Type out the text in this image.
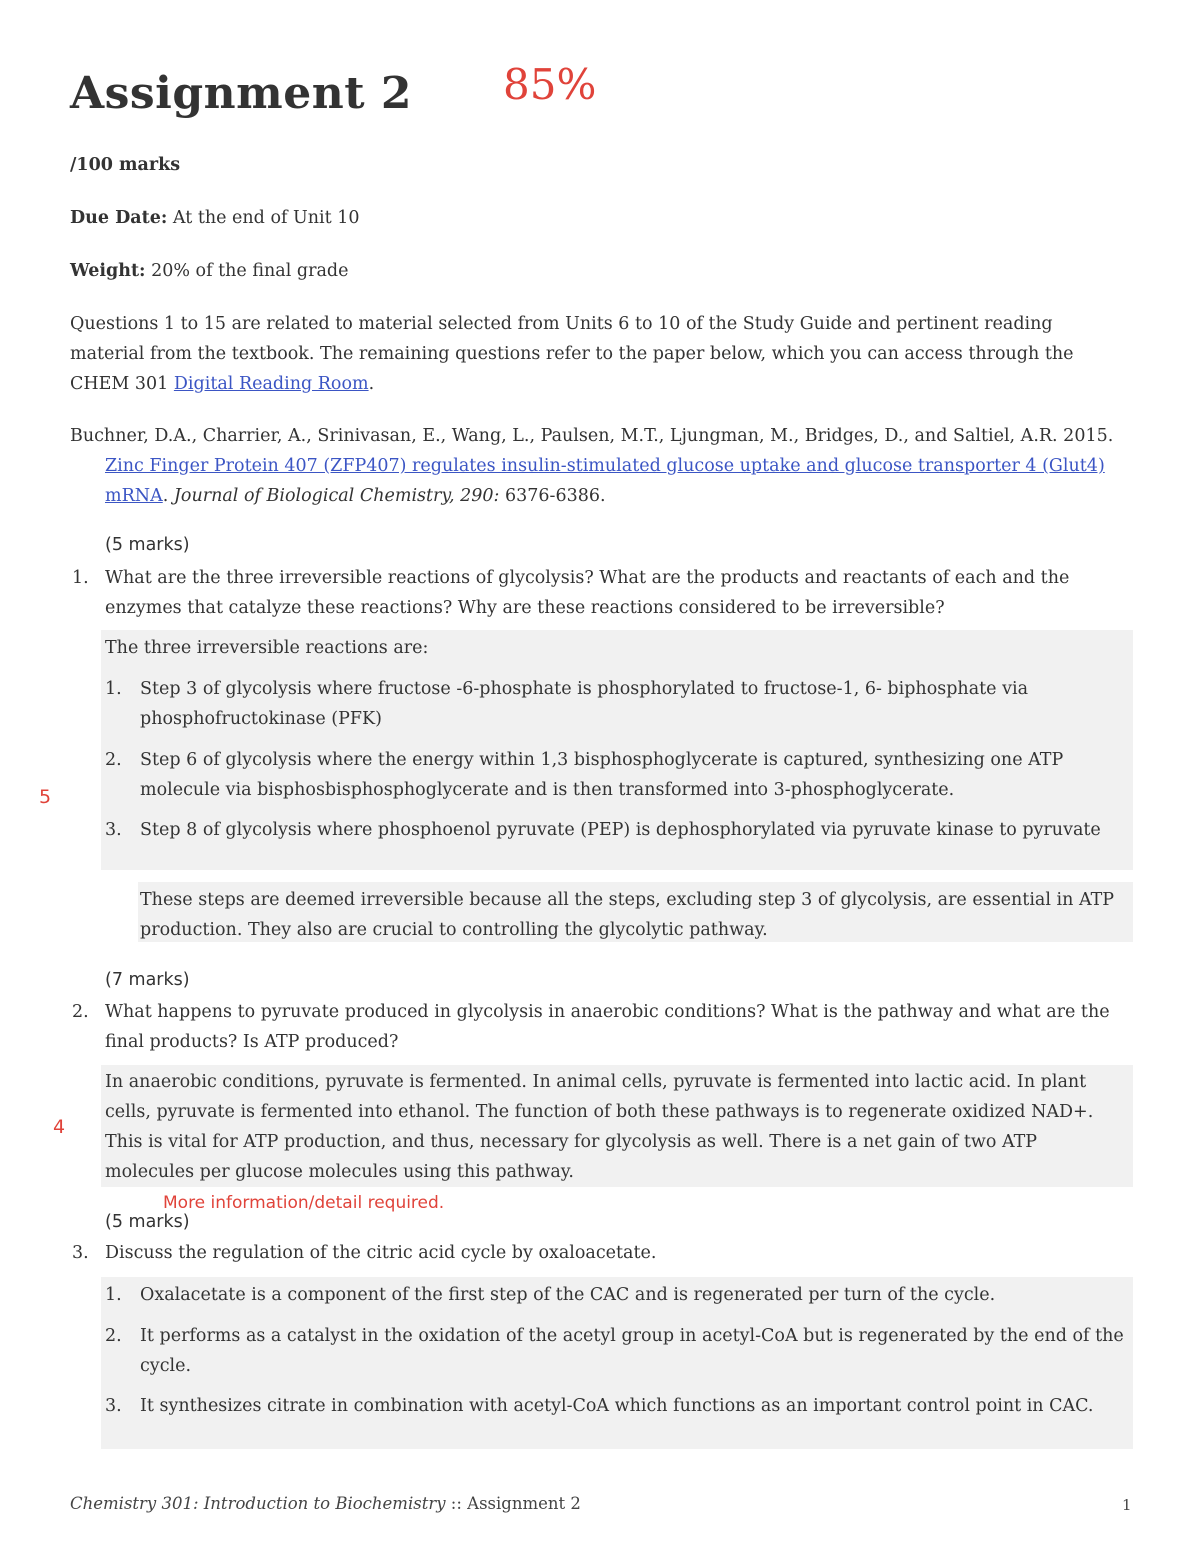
Assignment 2 85%
/100 marks
Due Date: At the end of Unit 10
Weight: 20% of the final grade
Questions 1 to 15 are related to material selected from Units 6 to 10 of the Study Guide and pertinent reading material from the textbook. The remaining questions refer to the paper below, which you can access through the CHEM 301 Digital Reading Room.
Buchner, D.A., Charrier, A., Srinivasan, E., Wang, L., Paulsen, M.T., Ljungman, M., Bridges, D., and Saltiel, A.R. 2015. Zinc Finger Protein 407 (ZFP407) regulates insulin-stimulated glucose uptake and glucose transporter 4 (Glut4) mRNA. Journal of Biological Chemistry, 290: 6376-6386.
(5 marks)
1. What are the three irreversible reactions of glycolysis? What are the products and reactants of each and the enzymes that catalyze these reactions? Why are these reactions considered to be irreversible?
5
The three irreversible reactions are:
1. Step 3 of glycolysis where fructose -6-phosphate is phosphorylated to fructose-1, 6- biphosphate via phosphofructokinase (PFK)
2. Step 6 of glycolysis where the energy within 1,3 bisphosphoglycerate is captured, synthesizing one ATP molecule via bisphosbisphosphoglycerate and is then transformed into 3-phosphoglycerate.
3. Step 8 of glycolysis where phosphoenol pyruvate (PEP) is dephosphorylated via pyruvate kinase to pyruvate
These steps are deemed irreversible because all the steps, excluding step 3 of glycolysis, are essential in ATP production. They also are crucial to controlling the glycolytic pathway.
(7 marks)
2. What happens to pyruvate produced in glycolysis in anaerobic conditions? What is the pathway and what are the final products? Is ATP produced?
4
In anaerobic conditions, pyruvate is fermented. In animal cells, pyruvate is fermented into lactic acid. In plant cells, pyruvate is fermented into ethanol. The function of both these pathways is to regenerate oxidized NAD+. This is vital for ATP production, and thus, necessary for glycolysis as well. There is a net gain of two ATP molecules per glucose molecules using this pathway.
More information/detail required.
(5 marks)
3. Discuss the regulation of the citric acid cycle by oxaloacetate.
1. Oxalacetate is a component of the first step of the CAC and is regenerated per turn of the cycle.
2. It performs as a catalyst in the oxidation of the acetyl group in acetyl-CoA but is regenerated by the end of the cycle.
3. It synthesizes citrate in combination with acetyl-CoA which functions as an important control point in CAC.
Chemistry 301: Introduction to Biochemistry :: Assignment 2	1
